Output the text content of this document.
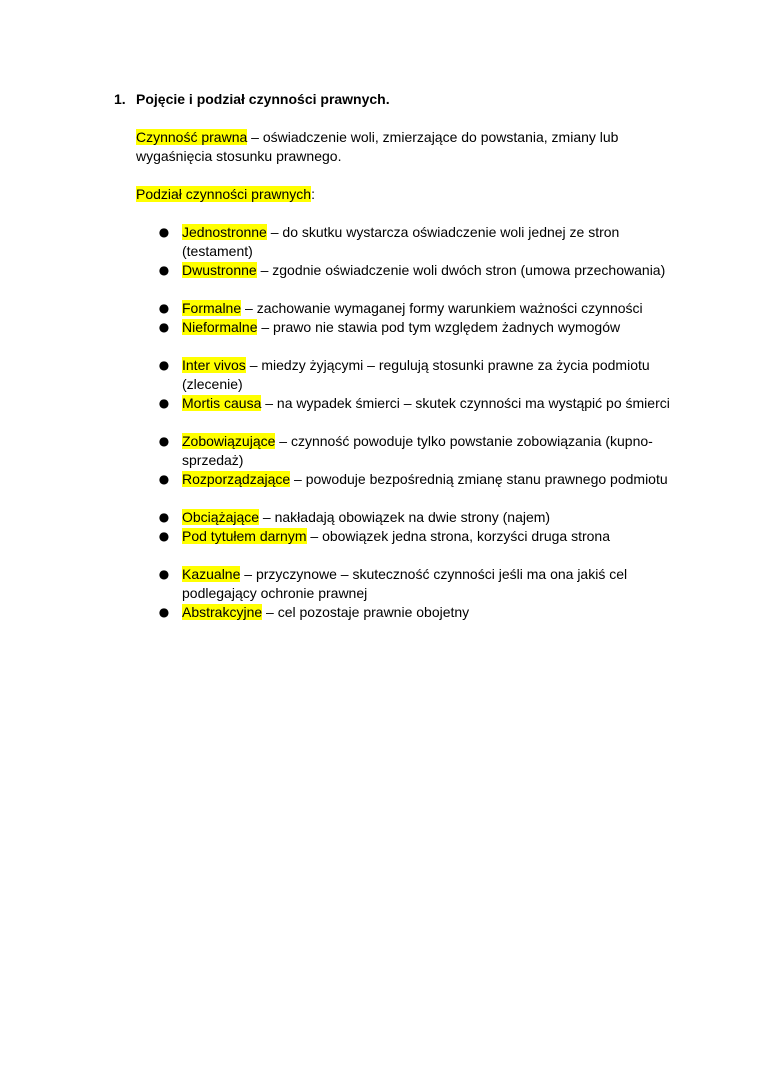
1. Pojęcie i podział czynności prawnych.

Czynność prawna – oświadczenie woli, zmierzające do powstania, zmiany lub wygaśnięcia stosunku prawnego.

Podział czynności prawnych:

● Jednostronne – do skutku wystarcza oświadczenie woli jednej ze stron (testament)
● Dwustronne – zgodnie oświadczenie woli dwóch stron (umowa przechowania)
● Formalne – zachowanie wymaganej formy warunkiem ważności czynności
● Nieformalne – prawo nie stawia pod tym względem żadnych wymogów
● Inter vivos – miedzy żyjącymi – regulują stosunki prawne za życia podmiotu (zlecenie)
● Mortis causa – na wypadek śmierci – skutek czynności ma wystąpić po śmierci
● Zobowiązujące – czynność powoduje tylko powstanie zobowiązania (kupno-sprzedaż)
● Rozporządzające – powoduje bezpośrednią zmianę stanu prawnego podmiotu
● Obciążające – nakładają obowiązek na dwie strony (najem)
● Pod tytułem darnym – obowiązek jedna strona, korzyści druga strona
● Kazualne – przyczynowe – skuteczność czynności jeśli ma ona jakiś cel podlegający ochronie prawnej
● Abstrakcyjne – cel pozostaje prawnie obojetny
